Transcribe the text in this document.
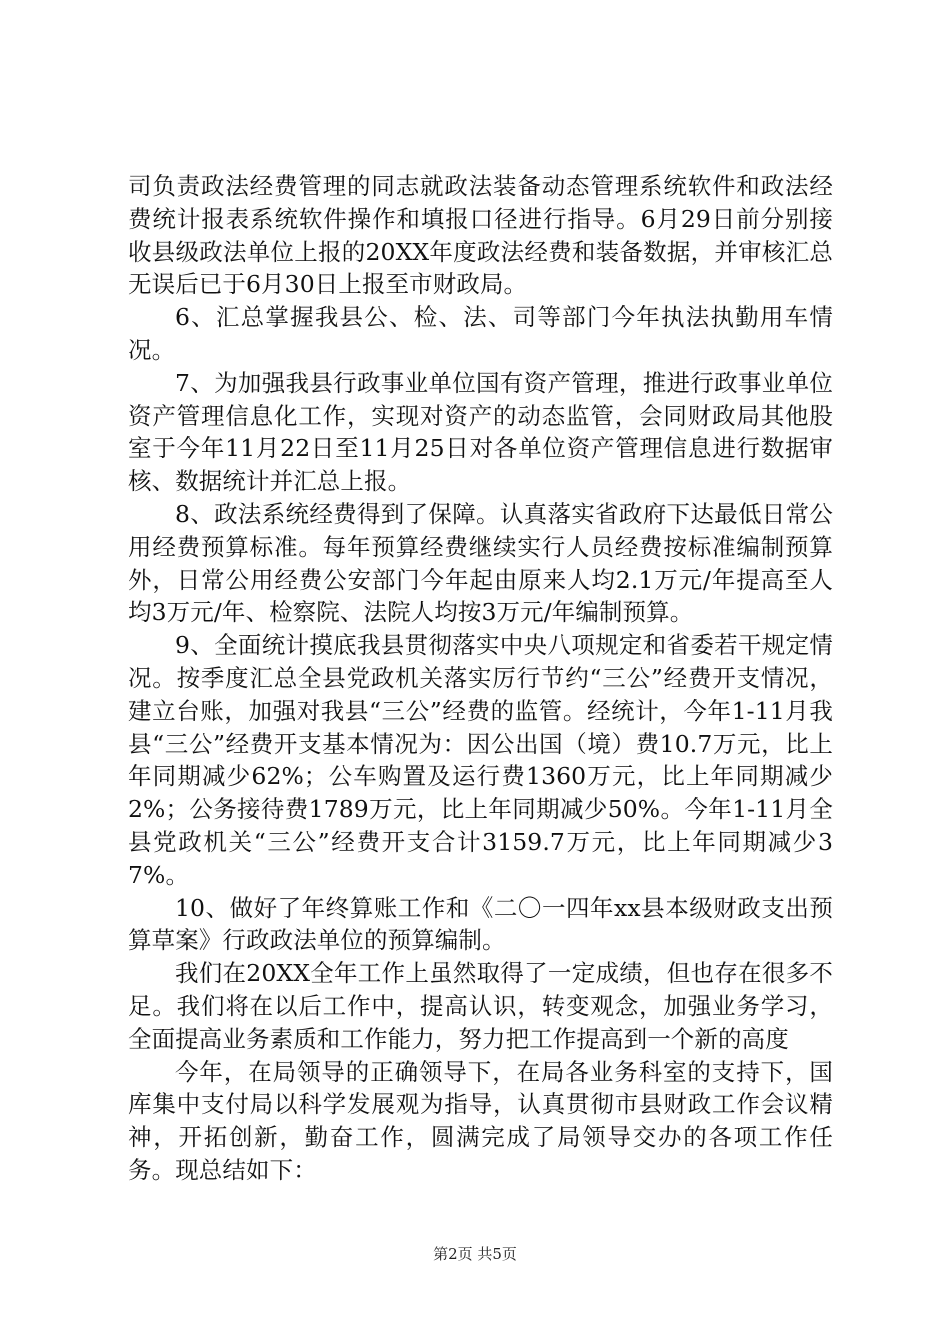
司负责政法经费管理的同志就政法装备动态管理系统软件和政法经费统计报表系统软件操作和填报口径进行指导。6月29日前分别接收县级政法单位上报的20XX年度政法经费和装备数据，并审核汇总无误后已于6月30日上报至市财政局。

6、汇总掌握我县公、检、法、司等部门今年执法执勤用车情况。

7、为加强我县行政事业单位国有资产管理，推进行政事业单位资产管理信息化工作，实现对资产的动态监管，会同财政局其他股室于今年11月22日至11月25日对各单位资产管理信息进行数据审核、数据统计并汇总上报。

8、政法系统经费得到了保障。认真落实省政府下达最低日常公用经费预算标准。每年预算经费继续实行人员经费按标准编制预算外，日常公用经费公安部门今年起由原来人均2.1万元/年提高至人均3万元/年、检察院、法院人均按3万元/年编制预算。

9、全面统计摸底我县贯彻落实中央八项规定和省委若干规定情况。按季度汇总全县党政机关落实厉行节约“三公”经费开支情况，建立台账，加强对我县“三公”经费的监管。经统计，今年1-11月我县“三公”经费开支基本情况为：因公出国（境）费10.7万元，比上年同期减少62%；公车购置及运行费1360万元，比上年同期减少2%；公务接待费1789万元，比上年同期减少50%。今年1-11月全县党政机关“三公”经费开支合计3159.7万元，比上年同期减少37%。

10、做好了年终算账工作和《二〇一四年xx县本级财政支出预算草案》行政政法单位的预算编制。

我们在20XX全年工作上虽然取得了一定成绩，但也存在很多不足。我们将在以后工作中，提高认识，转变观念，加强业务学习，全面提高业务素质和工作能力，努力把工作提高到一个新的高度

今年，在局领导的正确领导下，在局各业务科室的支持下，国库集中支付局以科学发展观为指导，认真贯彻市县财政工作会议精神，开拓创新，勤奋工作，圆满完成了局领导交办的各项工作任务。现总结如下：

第2页 共5页
